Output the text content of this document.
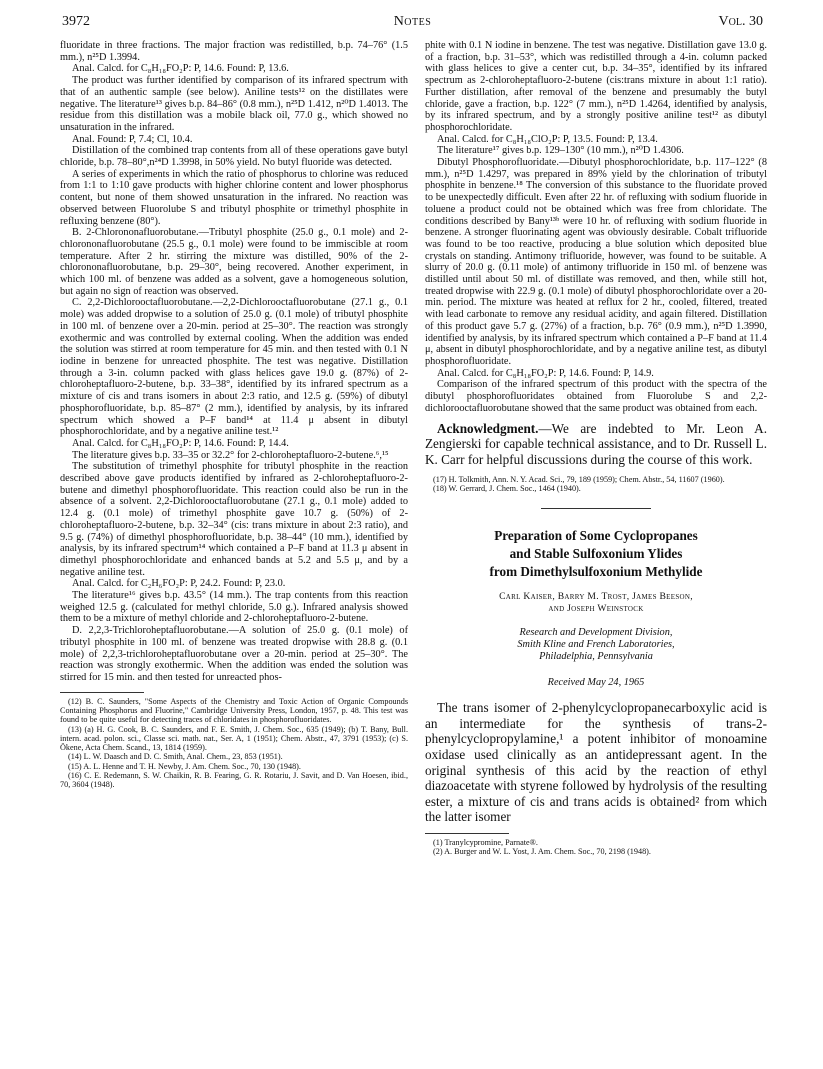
3972	Notes	Vol. 30

fluoridate in three fractions. The major fraction was redistilled, b.p. 74–76° (1.5 mm.), n²⁵D 1.3994.

Anal. Calcd. for C₈H₁₈FO₂P: P, 14.6. Found: P, 13.6.

The product was further identified by comparison of its infrared spectrum with that of an authentic sample (see below). Aniline tests¹² on the distillates were negative. The literature¹³ gives b.p. 84–86° (0.8 mm.), n²⁵D 1.412, n²⁰D 1.4013. The residue from this distillation was a mobile black oil, 77.0 g., which showed no unsaturation in the infrared.

Anal. Found: P, 7.4; Cl, 10.4.

Distillation of the combined trap contents from all of these operations gave butyl chloride, b.p. 78–80°,n²⁴D 1.3998, in 50% yield. No butyl fluoride was detected.

A series of experiments in which the ratio of phosphorus to chlorine was reduced from 1:1 to 1:10 gave products with higher chlorine content and lower phosphorus content, but none of them showed unsaturation in the infrared. No reaction was observed between Fluorolube S and tributyl phosphite or trimethyl phosphite in refluxing benzene (80°).

B. 2-Chlorononafluorobutane.—Tributyl phosphite (25.0 g., 0.1 mole) and 2-chlorononafluorobutane (25.5 g., 0.1 mole) were found to be immiscible at room temperature. After 2 hr. stirring the mixture was distilled, 90% of the 2-chlorononafluorobutane, b.p. 29–30°, being recovered. Another experiment, in which 100 ml. of benzene was added as a solvent, gave a homogeneous solution, but again no sign of reaction was observed.

C. 2,2-Dichlorooctafluorobutane.—2,2-Dichlorooctafluorobutane (27.1 g., 0.1 mole) was added dropwise to a solution of 25.0 g. (0.1 mole) of tributyl phosphite in 100 ml. of benzene over a 20-min. period at 25–30°. The reaction was strongly exothermic and was controlled by external cooling. When the addition was ended the solution was stirred at room temperature for 45 min. and then tested with 0.1 N iodine in benzene for unreacted phosphite. The test was negative. Distillation through a 3-in. column packed with glass helices gave 19.0 g. (87%) of 2-chloroheptafluoro-2-butene, b.p. 33–38°, identified by its infrared spectrum as a mixture of cis and trans isomers in about 2:3 ratio, and 12.5 g. (59%) of dibutyl phosphorofluoridate, b.p. 85–87° (2 mm.), identified by analysis, by its infrared spectrum which showed a P–F band¹⁴ at 11.4 μ absent in dibutyl phosphorochloridate, and by a negative aniline test.¹²

Anal. Calcd. for C₈H₁₈FO₂P: P, 14.6. Found: P, 14.4.

The literature gives b.p. 33–35 or 32.2° for 2-chloroheptafluoro-2-butene.⁶,¹⁵

The substitution of trimethyl phosphite for tributyl phosphite in the reaction described above gave products identified by infrared as 2-chloroheptafluoro-2-butene and dimethyl phosphorofluoridate. This reaction could also be run in the absence of a solvent. 2,2-Dichlorooctafluorobutane (27.1 g., 0.1 mole) added to 12.4 g. (0.1 mole) of trimethyl phosphite gave 10.7 g. (50%) of 2-chloroheptafluoro-2-butene, b.p. 32–34° (cis: trans mixture in about 2:3 ratio), and 9.5 g. (74%) of dimethyl phosphorofluoridate, b.p. 38–44° (10 mm.), identified by analysis, by its infrared spectrum¹⁴ which contained a P–F band at 11.3 μ absent in dimethyl phosphorochloridate and enhanced bands at 5.2 and 5.5 μ, and by a negative aniline test.

Anal. Calcd. for C₂H₆FO₂P: P, 24.2. Found: P, 23.0.

The literature¹⁶ gives b.p. 43.5° (14 mm.). The trap contents from this reaction weighed 12.5 g. (calculated for methyl chloride, 5.0 g.). Infrared analysis showed them to be a mixture of methyl chloride and 2-chloroheptafluoro-2-butene.

D. 2,2,3-Trichloroheptafluorobutane.—A solution of 25.0 g. (0.1 mole) of tributyl phosphite in 100 ml. of benzene was treated dropwise with 28.8 g. (0.1 mole) of 2,2,3-trichloroheptafluorobutane over a 20-min. period at 25–30°. The reaction was strongly exothermic. When the addition was ended the solution was stirred for 15 min. and then tested for unreacted phos-

(12) B. C. Saunders, "Some Aspects of the Chemistry and Toxic Action of Organic Compounds Containing Phosphorus and Fluorine," Cambridge University Press, London, 1957, p. 48. This test was found to be quite useful for detecting traces of chloridates in phosphorofluoridates.

(13) (a) H. G. Cook, B. C. Saunders, and F. E. Smith, J. Chem. Soc., 635 (1949); (b) T. Bany, Bull. intern. acad. polon. sci., Classe sci. math. nat., Ser. A, 1 (1951); Chem. Abstr., 47, 3791 (1953); (c) S. Ökene, Acta Chem. Scand., 13, 1814 (1959).

(14) L. W. Daasch and D. C. Smith, Anal. Chem., 23, 853 (1951).

(15) A. L. Henne and T. H. Newby, J. Am. Chem. Soc., 70, 130 (1948).

(16) C. E. Redemann, S. W. Chaikin, R. B. Fearing, G. R. Rotariu, J. Savit, and D. Van Hoesen, ibid., 70, 3604 (1948).

phite with 0.1 N iodine in benzene. The test was negative. Distillation gave 13.0 g. of a fraction, b.p. 31–53°, which was redistilled through a 4-in. column packed with glass helices to give a center cut, b.p. 34–35°, identified by its infrared spectrum as 2-chloroheptafluoro-2-butene (cis:trans mixture in about 1:1 ratio). Further distillation, after removal of the benzene and presumably the butyl chloride, gave a fraction, b.p. 122° (7 mm.), n²⁵D 1.4264, identified by analysis, by its infrared spectrum, and by a strongly positive aniline test¹² as dibutyl phosphorochloridate.

Anal. Calcd. for C₈H₁₈ClO₂P: P, 13.5. Found: P, 13.4.

The literature¹⁷ gives b.p. 129–130° (10 mm.), n²⁰D 1.4306.

Dibutyl Phosphorofluoridate.—Dibutyl phosphorochloridate, b.p. 117–122° (8 mm.), n²⁵D 1.4297, was prepared in 89% yield by the chlorination of tributyl phosphite in benzene.¹⁸ The conversion of this substance to the fluoridate proved to be unexpectedly difficult. Even after 22 hr. of refluxing with sodium fluoride in toluene a product could not be obtained which was free from chloridate. The conditions described by Bany¹³ᵇ were 10 hr. of refluxing with sodium fluoride in benzene. A stronger fluorinating agent was obviously desirable. Cobalt trifluoride was found to be too reactive, producing a blue solution which deposited blue crystals on standing. Antimony trifluoride, however, was found to be suitable. A slurry of 20.0 g. (0.11 mole) of antimony trifluoride in 150 ml. of benzene was distilled until about 50 ml. of distillate was removed, and then, while still hot, treated dropwise with 22.9 g. (0.1 mole) of dibutyl phosphorochloridate over a 20-min. period. The mixture was heated at reflux for 2 hr., cooled, filtered, treated with lead carbonate to remove any residual acidity, and again filtered. Distillation of this product gave 5.7 g. (27%) of a fraction, b.p. 76° (0.9 mm.), n²⁵D 1.3990, identified by analysis, by its infrared spectrum which contained a P–F band at 11.4 μ, absent in dibutyl phosphorochloridate, and by a negative aniline test, as dibutyl phosphorofluoridate.

Anal. Calcd. for C₈H₁₈FO₂P: P, 14.6. Found: P, 14.9.

Comparison of the infrared spectrum of this product with the spectra of the dibutyl phosphorofluoridates obtained from Fluorolube S and 2,2-dichlorooctafluorobutane showed that the same product was obtained from each.

Acknowledgment.—We are indebted to Mr. Leon A. Zengierski for capable technical assistance, and to Dr. Russell L. K. Carr for helpful discussions during the course of this work.

(17) H. Tolkmith, Ann. N. Y. Acad. Sci., 79, 189 (1959); Chem. Abstr., 54, 11607 (1960).

(18) W. Gerrard, J. Chem. Soc., 1464 (1940).

Preparation of Some Cyclopropanes
and Stable Sulfoxonium Ylides
from Dimethylsulfoxonium Methylide
Carl Kaiser, Barry M. Trost, James Beeson,
and Joseph Weinstock
Research and Development Division,
Smith Kline and French Laboratories,
Philadelphia, Pennsylvania
Received May 24, 1965

The trans isomer of 2-phenylcyclopropanecarboxylic acid is an intermediate for the synthesis of trans-2-phenylcyclopropylamine,¹ a potent inhibitor of monoamine oxidase used clinically as an antidepressant agent. In the original synthesis of this acid by the reaction of ethyl diazoacetate with styrene followed by hydrolysis of the resulting ester, a mixture of cis and trans acids is obtained² from which the latter isomer

(1) Tranylcypromine, Parnate®.

(2) A. Burger and W. L. Yost, J. Am. Chem. Soc., 70, 2198 (1948).
